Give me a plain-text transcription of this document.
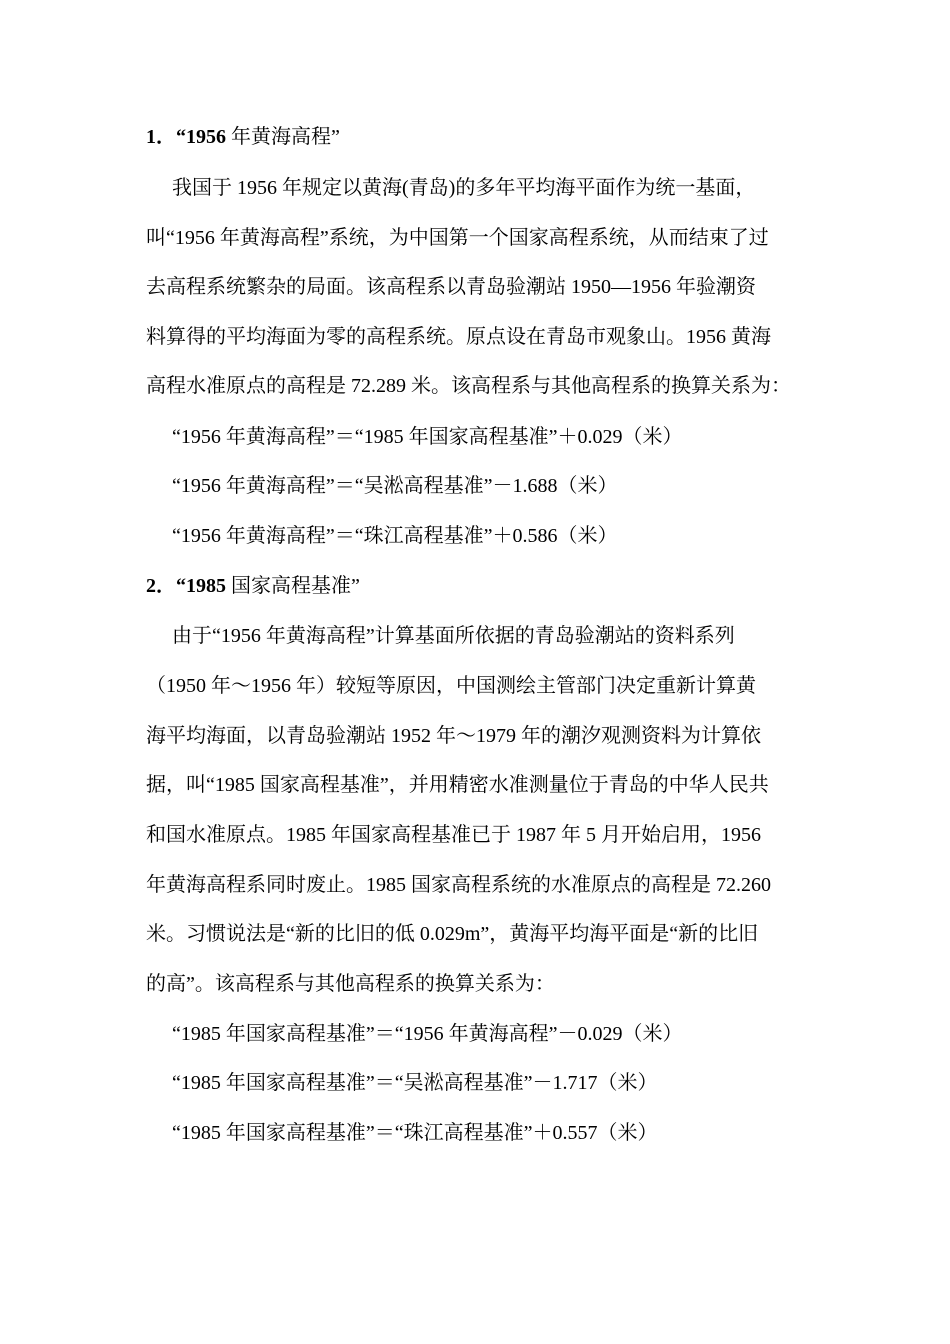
1．“1956 年黄海高程”
我国于 1956 年规定以黄海(青岛)的多年平均海平面作为统一基面，
叫“1956 年黄海高程”系统，为中国第一个国家高程系统，从而结束了过
去高程系统繁杂的局面。该高程系以青岛验潮站 1950—1956 年验潮资
料算得的平均海面为零的高程系统。原点设在青岛市观象山。1956 黄海
高程水准原点的高程是 72.289 米。该高程系与其他高程系的换算关系为：
“1956 年黄海高程”＝“1985 年国家高程基准”＋0.029（米）
“1956 年黄海高程”＝“吴淞高程基准”－1.688（米）
“1956 年黄海高程”＝“珠江高程基准”＋0.586（米）
2．“1985 国家高程基准”
由于“1956 年黄海高程”计算基面所依据的青岛验潮站的资料系列
（1950 年～1956 年）较短等原因，中国测绘主管部门决定重新计算黄
海平均海面，以青岛验潮站 1952 年～1979 年的潮汐观测资料为计算依
据，叫“1985 国家高程基准”，并用精密水准测量位于青岛的中华人民共
和国水准原点。1985 年国家高程基准已于 1987 年 5 月开始启用，1956
年黄海高程系同时废止。1985 国家高程系统的水准原点的高程是 72.260
米。习惯说法是“新的比旧的低 0.029m”，黄海平均海平面是“新的比旧
的高”。该高程系与其他高程系的换算关系为：
“1985 年国家高程基准”＝“1956 年黄海高程”－0.029（米）
“1985 年国家高程基准”＝“吴淞高程基准”－1.717（米）
“1985 年国家高程基准”＝“珠江高程基准”＋0.557（米）
